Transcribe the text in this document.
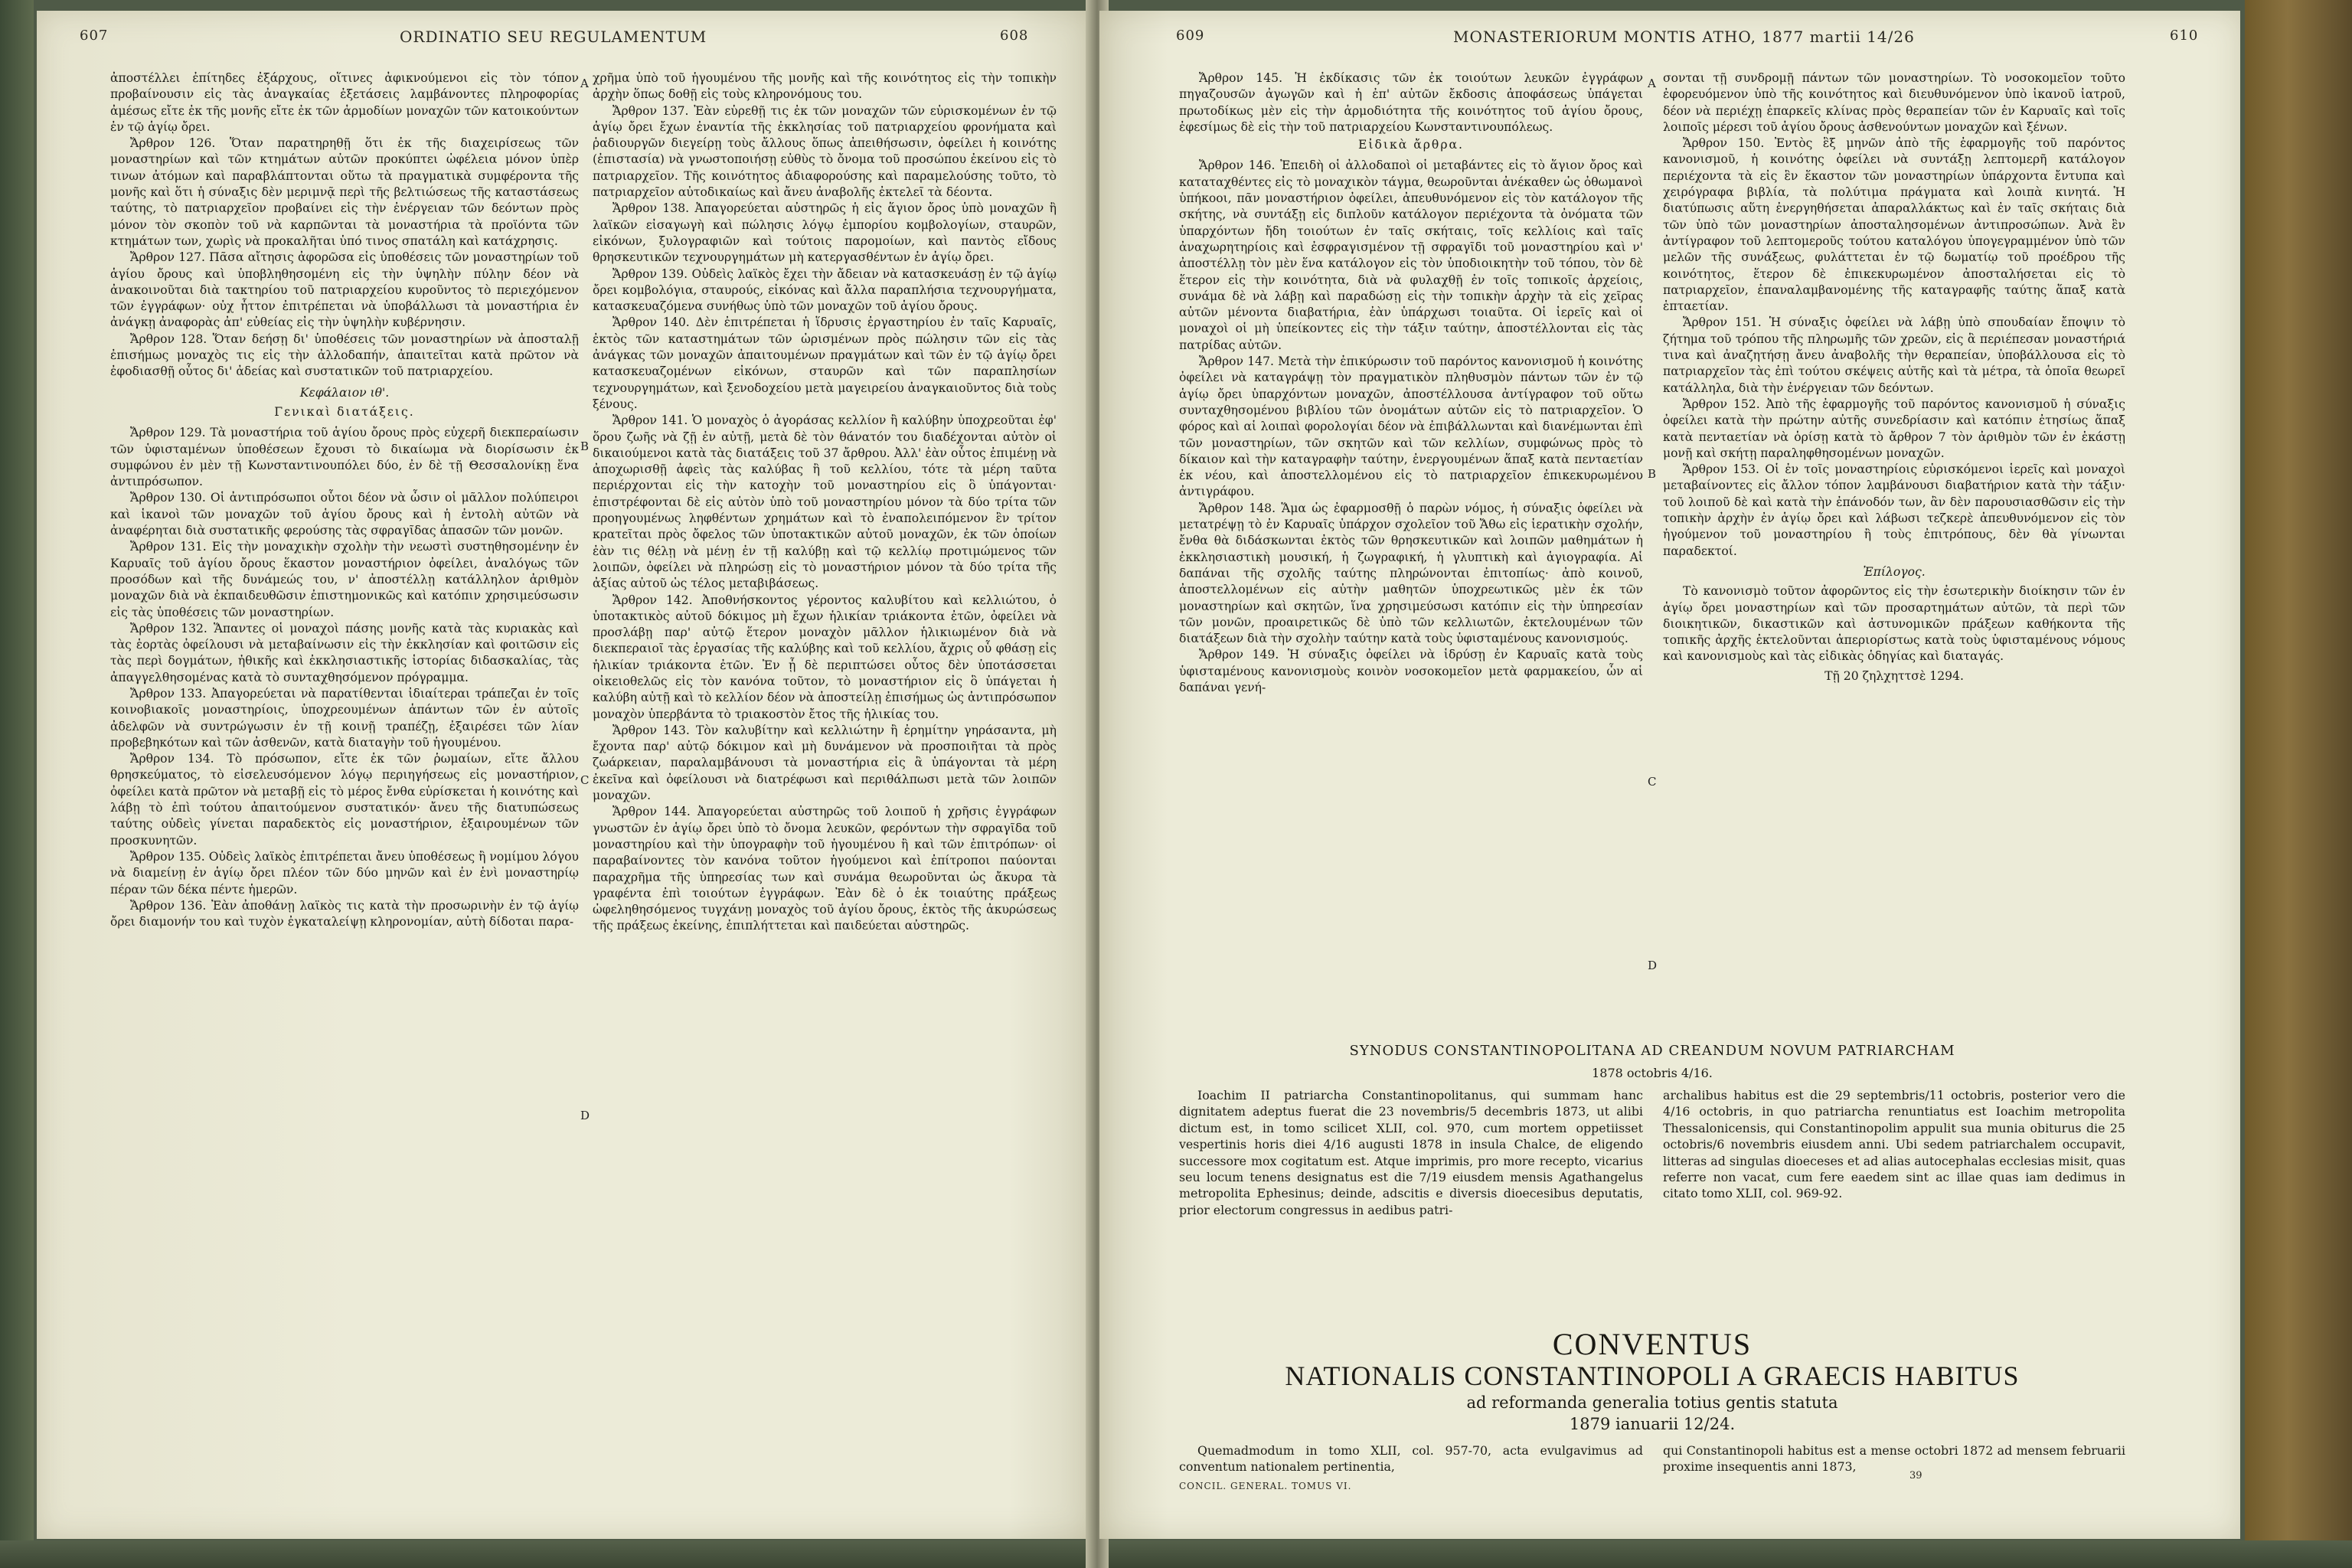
607	ORDINATIO SEU REGULAMENTUM	608

ἀποστέλλει ἐπίτηδες ἐξάρχους, οἵτινες ἀφικνούμενοι εἰς τὸν τόπον προβαίνουσιν εἰς τὰς ἀναγκαίας ἐξετάσεις λαμβάνοντες πληροφορίας ἀμέσως εἴτε ἐκ τῆς μονῆς εἴτε ἐκ τῶν ἁρμοδίων μοναχῶν τῶν κατοικούντων ἐν τῷ ἁγίῳ ὄρει.

Ἄρθρον 126. Ὅταν παρατηρηθῇ ὅτι ἐκ τῆς διαχειρίσεως τῶν μοναστηρίων καὶ τῶν κτημάτων αὐτῶν προκύπτει ὠφέλεια μόνον ὑπὲρ τινων ἀτόμων καὶ παραβλάπτονται οὕτω τὰ πραγματικὰ συμφέροντα τῆς μονῆς καὶ ὅτι ἡ σύναξις δὲν μεριμνᾷ περὶ τῆς βελτιώσεως τῆς καταστάσεως ταύτης, τὸ πατριαρχεῖον προβαίνει εἰς τὴν ἐνέργειαν τῶν δεόντων πρὸς μόνον τὸν σκοπὸν τοῦ νὰ καρπῶνται τὰ μοναστήρια τὰ προϊόντα τῶν κτημάτων των, χωρὶς νὰ προκαλῆται ὑπό τινος σπατάλη καὶ κατάχρησις.

Ἄρθρον 127. Πᾶσα αἴτησις ἀφορῶσα εἰς ὑποθέσεις τῶν μοναστηρίων τοῦ ἁγίου ὄρους καὶ ὑποβληθησομένη εἰς τὴν ὑψηλὴν πύλην δέον νὰ ἀνακοινοῦται διὰ τακτηρίου τοῦ πατριαρχείου κυροῦντος τὸ περιεχόμενον τῶν ἐγγράφων· οὐχ ἧττον ἐπιτρέπεται νὰ ὑποβάλλωσι τὰ μοναστήρια ἐν ἀνάγκῃ ἀναφορὰς ἀπ' εὐθείας εἰς τὴν ὑψηλὴν κυβέρνησιν.

Ἄρθρον 128. Ὅταν δεήσῃ δι' ὑποθέσεις τῶν μοναστηρίων νὰ ἀποσταλῇ ἐπισήμως μοναχὸς τις εἰς τὴν ἀλλοδαπήν, ἀπαιτεῖται κατὰ πρῶτον νὰ ἐφοδιασθῇ οὗτος δι' ἀδείας καὶ συστατικῶν τοῦ πατριαρχείου.

Κεφάλαιον ιθ'.

Γενικαὶ διατάξεις.

Ἄρθρον 129. Τὰ μοναστήρια τοῦ ἁγίου ὄρους πρὸς εὐχερῆ διεκπεραίωσιν τῶν ὑφισταμένων ὑποθέσεων ἔχουσι τὸ δικαίωμα νὰ διορίσωσιν ἐκ συμφώνου ἐν μὲν τῇ Κωνσταντινουπόλει δύο, ἐν δὲ τῇ Θεσσαλονίκῃ ἕνα ἀντιπρόσωπον.

Ἄρθρον 130. Οἱ ἀντιπρόσωποι οὗτοι δέον νὰ ὦσιν οἱ μᾶλλον πολύπειροι καὶ ἱκανοὶ τῶν μοναχῶν τοῦ ἁγίου ὄρους καὶ ἡ ἐντολὴ αὐτῶν νὰ ἀναφέρηται διὰ συστατικῆς φερούσης τὰς σφραγῖδας ἁπασῶν τῶν μονῶν.

Ἄρθρον 131. Εἰς τὴν μοναχικὴν σχολὴν τὴν νεωστὶ συστηθησομένην ἐν Καρυαῖς τοῦ ἁγίου ὄρους ἕκαστον μοναστήριον ὀφείλει, ἀναλόγως τῶν προσόδων καὶ τῆς δυνάμεώς του, ν' ἀποστέλλῃ κατάλληλον ἀριθμὸν μοναχῶν διὰ νὰ ἐκπαιδευθῶσιν ἐπιστημονικῶς καὶ κατόπιν χρησιμεύσωσιν εἰς τὰς ὑποθέσεις τῶν μοναστηρίων.

Ἄρθρον 132. Ἅπαντες οἱ μοναχοὶ πάσης μονῆς κατὰ τὰς κυριακὰς καὶ τὰς ἑορτὰς ὀφείλουσι νὰ μεταβαίνωσιν εἰς τὴν ἐκκλησίαν καὶ φοιτῶσιν εἰς τὰς περὶ δογμάτων, ἠθικῆς καὶ ἐκκλησιαστικῆς ἱστορίας διδασκαλίας, τὰς ἀπαγγελθησομένας κατὰ τὸ συνταχθησόμενον πρόγραμμα.

Ἄρθρον 133. Ἀπαγορεύεται νὰ παρατίθενται ἰδιαίτεραι τράπεζαι ἐν τοῖς κοινοβιακοῖς μοναστηρίοις, ὑποχρεουμένων ἁπάντων τῶν ἐν αὐτοῖς ἀδελφῶν νὰ συντρώγωσιν ἐν τῇ κοινῇ τραπέζῃ, ἐξαιρέσει τῶν λίαν προβεβηκότων καὶ τῶν ἀσθενῶν, κατὰ διαταγὴν τοῦ ἡγουμένου.

Ἄρθρον 134. Τὸ πρόσωπον, εἴτε ἐκ τῶν ῥωμαίων, εἴτε ἄλλου θρησκεύματος, τὸ εἰσελευσόμενον λόγῳ περιηγήσεως εἰς μοναστήριον, ὀφείλει κατὰ πρῶτον νὰ μεταβῇ εἰς τὸ μέρος ἔνθα εὑρίσκεται ἡ κοινότης καὶ λάβῃ τὸ ἐπὶ τούτου ἀπαιτούμενον συστατικόν· ἄνευ τῆς διατυπώσεως ταύτης οὐδεὶς γίνεται παραδεκτὸς εἰς μοναστήριον, ἐξαιρουμένων τῶν προσκυνητῶν.

Ἄρθρον 135. Οὐδεὶς λαϊκὸς ἐπιτρέπεται ἄνευ ὑποθέσεως ἢ νομίμου λόγου νὰ διαμείνῃ ἐν ἁγίῳ ὄρει πλέον τῶν δύο μηνῶν καὶ ἐν ἑνὶ μοναστηρίῳ πέραν τῶν δέκα πέντε ἡμερῶν.

Ἄρθρον 136. Ἐὰν ἀποθάνῃ λαϊκὸς τις κατὰ τὴν προσωρινὴν ἐν τῷ ἁγίῳ ὄρει διαμονήν του καὶ τυχὸν ἐγκαταλείψῃ κληρονομίαν, αὐτὴ δίδοται παρα-

A
B
C
D

χρῆμα ὑπὸ τοῦ ἡγουμένου τῆς μονῆς καὶ τῆς κοινότητος εἰς τὴν τοπικὴν ἀρχὴν ὅπως δοθῇ εἰς τοὺς κληρονόμους του.

Ἄρθρον 137. Ἐὰν εὑρεθῇ τις ἐκ τῶν μοναχῶν τῶν εὑρισκομένων ἐν τῷ ἁγίῳ ὄρει ἔχων ἐναντία τῆς ἐκκλησίας τοῦ πατριαρχείου φρονήματα καὶ ῥαδιουργῶν διεγείρῃ τοὺς ἄλλους ὅπως ἀπειθήσωσιν, ὀφείλει ἡ κοινότης (ἐπιστασία) νὰ γνωστοποιήσῃ εὐθὺς τὸ ὄνομα τοῦ προσώπου ἐκείνου εἰς τὸ πατριαρχεῖον. Τῆς κοινότητος ἀδιαφορούσης καὶ παραμελούσης τοῦτο, τὸ πατριαρχεῖον αὐτοδικαίως καὶ ἄνευ ἀναβολῆς ἐκτελεῖ τὰ δέοντα.

Ἄρθρον 138. Ἀπαγορεύεται αὐστηρῶς ἡ εἰς ἅγιον ὄρος ὑπὸ μοναχῶν ἢ λαϊκῶν εἰσαγωγὴ καὶ πώλησις λόγῳ ἐμπορίου κομβολογίων, σταυρῶν, εἰκόνων, ξυλογραφιῶν καὶ τούτοις παρομοίων, καὶ παντὸς εἴδους θρησκευτικῶν τεχνουργημάτων μὴ κατεργασθέντων ἐν ἁγίῳ ὄρει.

Ἄρθρον 139. Οὐδεὶς λαϊκὸς ἔχει τὴν ἄδειαν νὰ κατασκευάσῃ ἐν τῷ ἁγίῳ ὄρει κομβολόγια, σταυρούς, εἰκόνας καὶ ἄλλα παραπλήσια τεχνουργήματα, κατασκευαζόμενα συνήθως ὑπὸ τῶν μοναχῶν τοῦ ἁγίου ὄρους.

Ἄρθρον 140. Δὲν ἐπιτρέπεται ἡ ἵδρυσις ἐργαστηρίου ἐν ταῖς Καρυαῖς, ἐκτὸς τῶν καταστημάτων τῶν ὡρισμένων πρὸς πώλησιν τῶν εἰς τὰς ἀνάγκας τῶν μοναχῶν ἀπαιτουμένων πραγμάτων καὶ τῶν ἐν τῷ ἁγίῳ ὄρει κατασκευαζομένων εἰκόνων, σταυρῶν καὶ τῶν παραπλησίων τεχνουργημάτων, καὶ ξενοδοχείου μετὰ μαγειρείου ἀναγκαιοῦντος διὰ τοὺς ξένους.

Ἄρθρον 141. Ὁ μοναχὸς ὁ ἀγοράσας κελλίον ἢ καλύβην ὑποχρεοῦται ἐφ' ὅρου ζωῆς νὰ ζῇ ἐν αὐτῇ, μετὰ δὲ τὸν θάνατόν του διαδέχονται αὐτὸν οἱ δικαιούμενοι κατὰ τὰς διατάξεις τοῦ 37 ἄρθρου. Ἀλλ' ἐὰν οὗτος ἐπιμένῃ νὰ ἀποχωρισθῇ ἀφεὶς τὰς καλύβας ἢ τοῦ κελλίου, τότε τὰ μέρη ταῦτα περιέρχονται εἰς τὴν κατοχὴν τοῦ μοναστηρίου εἰς ὃ ὑπάγονται· ἐπιστρέφονται δὲ εἰς αὐτὸν ὑπὸ τοῦ μοναστηρίου μόνον τὰ δύο τρίτα τῶν προηγουμένως ληφθέντων χρημάτων καὶ τὸ ἐναπολειπόμενον ἓν τρίτον κρατεῖται πρὸς ὄφελος τῶν ὑποτακτικῶν αὐτοῦ μοναχῶν, ἐκ τῶν ὁποίων ἐὰν τις θέλῃ νὰ μένῃ ἐν τῇ καλύβῃ καὶ τῷ κελλίῳ προτιμώμενος τῶν λοιπῶν, ὀφείλει νὰ πληρώσῃ εἰς τὸ μοναστήριον μόνον τὰ δύο τρίτα τῆς ἀξίας αὐτοῦ ὡς τέλος μεταβιβάσεως.

Ἄρθρον 142. Ἀποθνήσκοντος γέροντος καλυβίτου καὶ κελλιώτου, ὁ ὑποτακτικὸς αὐτοῦ δόκιμος μὴ ἔχων ἡλικίαν τριάκοντα ἐτῶν, ὀφείλει νὰ προσλάβῃ παρ' αὐτῷ ἕτερον μοναχὸν μᾶλλον ἡλικιωμένον διὰ νὰ διεκπεραιοῖ τὰς ἐργασίας τῆς καλύβης καὶ τοῦ κελλίου, ἄχρις οὗ φθάσῃ εἰς ἡλικίαν τριάκοντα ἐτῶν. Ἐν ᾗ δὲ περιπτώσει οὗτος δὲν ὑποτάσσεται οἰκειοθελῶς εἰς τὸν κανόνα τοῦτον, τὸ μοναστήριον εἰς ὃ ὑπάγεται ἡ καλύβη αὐτῇ καὶ τὸ κελλίον δέον νὰ ἀποστείλῃ ἐπισήμως ὡς ἀντιπρόσωπον μοναχὸν ὑπερβάντα τὸ τριακοστὸν ἔτος τῆς ἡλικίας του.

Ἄρθρον 143. Τὸν καλυβίτην καὶ κελλιώτην ἢ ἐρημίτην γηράσαντα, μὴ ἔχοντα παρ' αὐτῷ δόκιμον καὶ μὴ δυνάμενον νὰ προσποιῆται τὰ πρὸς ζωάρκειαν, παραλαμβάνουσι τὰ μοναστήρια εἰς ἃ ὑπάγονται τὰ μέρη ἐκεῖνα καὶ ὀφείλουσι νὰ διατρέφωσι καὶ περιθάλπωσι μετὰ τῶν λοιπῶν μοναχῶν.

Ἄρθρον 144. Ἀπαγορεύεται αὐστηρῶς τοῦ λοιποῦ ἡ χρῆσις ἐγγράφων γνωστῶν ἐν ἁγίῳ ὄρει ὑπὸ τὸ ὄνομα λευκῶν, φερόντων τὴν σφραγῖδα τοῦ μοναστηρίου καὶ τὴν ὑπογραφὴν τοῦ ἡγουμένου ἢ καὶ τῶν ἐπιτρόπων· οἱ παραβαίνοντες τὸν κανόνα τοῦτον ἡγούμενοι καὶ ἐπίτροποι παύονται παραχρῆμα τῆς ὑπηρεσίας των καὶ συνάμα θεωροῦνται ὡς ἄκυρα τὰ γραφέντα ἐπὶ τοιούτων ἐγγράφων. Ἐὰν δὲ ὁ ἐκ τοιαύτης πράξεως ὠφεληθησόμενος τυγχάνῃ μοναχὸς τοῦ ἁγίου ὄρους, ἐκτὸς τῆς ἀκυρώσεως τῆς πράξεως ἐκείνης, ἐπιπλήττεται καὶ παιδεύεται αὐστηρῶς.

609	MONASTERIORUM MONTIS ATHO, 1877 martii 14/26	610

Ἄρθρον 145. Ἡ ἐκδίκασις τῶν ἐκ τοιούτων λευκῶν ἐγγράφων πηγαζουσῶν ἀγωγῶν καὶ ἡ ἐπ' αὐτῶν ἔκδοσις ἀποφάσεως ὑπάγεται πρωτοδίκως μὲν εἰς τὴν ἁρμοδιότητα τῆς κοινότητος τοῦ ἁγίου ὄρους, ἐφεσίμως δὲ εἰς τὴν τοῦ πατριαρχείου Κωνσταντινουπόλεως.

Εἰδικὰ ἄρθρα.

Ἄρθρον 146. Ἐπειδὴ οἱ ἀλλοδαποὶ οἱ μεταβάντες εἰς τὸ ἅγιον ὄρος καὶ καταταχθέντες εἰς τὸ μοναχικὸν τάγμα, θεωροῦνται ἀνέκαθεν ὡς ὀθωμανοὶ ὑπήκοοι, πᾶν μοναστήριον ὀφείλει, ἀπευθυνόμενον εἰς τὸν κατάλογον τῆς σκήτης, νὰ συντάξῃ εἰς διπλοῦν κατάλογον περιέχοντα τὰ ὀνόματα τῶν ὑπαρχόντων ἤδη τοιούτων ἐν ταῖς σκήταις, τοῖς κελλίοις καὶ ταῖς ἀναχωρητηρίοις καὶ ἐσφραγισμένον τῇ σφραγῖδι τοῦ μοναστηρίου καὶ ν' ἀποστέλλῃ τὸν μὲν ἕνα κατάλογον εἰς τὸν ὑποδιοικητὴν τοῦ τόπου, τὸν δὲ ἕτερον εἰς τὴν κοινότητα, διὰ νὰ φυλαχθῇ ἐν τοῖς τοπικοῖς ἀρχείοις, συνάμα δὲ νὰ λάβῃ καὶ παραδώσῃ εἰς τὴν τοπικὴν ἀρχὴν τὰ εἰς χεῖρας αὐτῶν μένοντα διαβατήρια, ἐὰν ὑπάρχωσι τοιαῦτα. Οἱ ἱερεῖς καὶ οἱ μοναχοὶ οἱ μὴ ὑπείκοντες εἰς τὴν τάξιν ταύτην, ἀποστέλλονται εἰς τὰς πατρίδας αὐτῶν.

Ἄρθρον 147. Μετὰ τὴν ἐπικύρωσιν τοῦ παρόντος κανονισμοῦ ἡ κοινότης ὀφείλει νὰ καταγράψῃ τὸν πραγματικὸν πληθυσμὸν πάντων τῶν ἐν τῷ ἁγίῳ ὄρει ὑπαρχόντων μοναχῶν, ἀποστέλλουσα ἀντίγραφον τοῦ οὕτω συνταχθησομένου βιβλίου τῶν ὀνομάτων αὐτῶν εἰς τὸ πατριαρχεῖον. Ὁ φόρος καὶ αἱ λοιπαὶ φορολογίαι δέον νὰ ἐπιβάλλωνται καὶ διανέμωνται ἐπὶ τῶν μοναστηρίων, τῶν σκητῶν καὶ τῶν κελλίων, συμφώνως πρὸς τὸ δίκαιον καὶ τὴν καταγραφὴν ταύτην, ἐνεργουμένων ἅπαξ κατὰ πενταετίαν ἐκ νέου, καὶ ἀποστελλομένου εἰς τὸ πατριαρχεῖον ἐπικεκυρωμένου ἀντιγράφου.

Ἄρθρον 148. Ἅμα ὡς ἐφαρμοσθῇ ὁ παρὼν νόμος, ἡ σύναξις ὀφείλει νὰ μετατρέψῃ τὸ ἐν Καρυαῖς ὑπάρχον σχολεῖον τοῦ Ἄθω εἰς ἱερατικὴν σχολήν, ἔνθα θὰ διδάσκωνται ἐκτὸς τῶν θρησκευτικῶν καὶ λοιπῶν μαθημάτων ἡ ἐκκλησιαστικὴ μουσική, ἡ ζωγραφική, ἡ γλυπτικὴ καὶ ἁγιογραφία. Αἱ δαπάναι τῆς σχολῆς ταύτης πληρώνονται ἐπιτοπίως· ἀπὸ κοινοῦ, ἀποστελλομένων εἰς αὐτὴν μαθητῶν ὑποχρεωτικῶς μὲν ἐκ τῶν μοναστηρίων καὶ σκητῶν, ἵνα χρησιμεύσωσι κατόπιν εἰς τὴν ὑπηρεσίαν τῶν μονῶν, προαιρετικῶς δὲ ὑπὸ τῶν κελλιωτῶν, ἐκτελουμένων τῶν διατάξεων διὰ τὴν σχολὴν ταύτην κατὰ τοὺς ὑφισταμένους κανονισμούς.

Ἄρθρον 149. Ἡ σύναξις ὀφείλει νὰ ἱδρύσῃ ἐν Καρυαῖς κατὰ τοὺς ὑφισταμένους κανονισμοὺς κοινὸν νοσοκομεῖον μετὰ φαρμακείου, ὧν αἱ δαπάναι γενή-

A
B
C
D

σονται τῇ συνδρομῇ πάντων τῶν μοναστηρίων. Τὸ νοσοκομεῖον τοῦτο ἐφορευόμενον ὑπὸ τῆς κοινότητος καὶ διευθυνόμενον ὑπὸ ἱκανοῦ ἰατροῦ, δέον νὰ περιέχῃ ἐπαρκεῖς κλίνας πρὸς θεραπείαν τῶν ἐν Καρυαῖς καὶ τοῖς λοιποῖς μέρεσι τοῦ ἁγίου ὄρους ἀσθενούντων μοναχῶν καὶ ξένων.

Ἄρθρον 150. Ἐντὸς ἓξ μηνῶν ἀπὸ τῆς ἐφαρμογῆς τοῦ παρόντος κανονισμοῦ, ἡ κοινότης ὀφείλει νὰ συντάξῃ λεπτομερῆ κατάλογον περιέχοντα τὰ εἰς ἓν ἕκαστον τῶν μοναστηρίων ὑπάρχοντα ἔντυπα καὶ χειρόγραφα βιβλία, τὰ πολύτιμα πράγματα καὶ λοιπὰ κινητά. Ἡ διατύπωσις αὕτη ἐνεργηθήσεται ἀπαραλλάκτως καὶ ἐν ταῖς σκήταις διὰ τῶν ὑπὸ τῶν μοναστηρίων ἀποσταλησομένων ἀντιπροσώπων. Ἀνὰ ἓν ἀντίγραφον τοῦ λεπτομεροῦς τούτου καταλόγου ὑπογεγραμμένον ὑπὸ τῶν μελῶν τῆς συνάξεως, φυλάττεται ἐν τῷ δωματίῳ τοῦ προέδρου τῆς κοινότητος, ἕτερον δὲ ἐπικεκυρωμένον ἀποσταλήσεται εἰς τὸ πατριαρχεῖον, ἐπαναλαμβανομένης τῆς καταγραφῆς ταύτης ἅπαξ κατὰ ἑπταετίαν.

Ἄρθρον 151. Ἡ σύναξις ὀφείλει νὰ λάβῃ ὑπὸ σπουδαίαν ἔποψιν τὸ ζήτημα τοῦ τρόπου τῆς πληρωμῆς τῶν χρεῶν, εἰς ἃ περιέπεσαν μοναστήριά τινα καὶ ἀναζητήσῃ ἄνευ ἀναβολῆς τὴν θεραπείαν, ὑποβάλλουσα εἰς τὸ πατριαρχεῖον τὰς ἐπὶ τούτου σκέψεις αὐτῆς καὶ τὰ μέτρα, τὰ ὁποῖα θεωρεῖ κατάλληλα, διὰ τὴν ἐνέργειαν τῶν δεόντων.

Ἄρθρον 152. Ἀπὸ τῆς ἐφαρμογῆς τοῦ παρόντος κανονισμοῦ ἡ σύναξις ὀφείλει κατὰ τὴν πρώτην αὐτῆς συνεδρίασιν καὶ κατόπιν ἐτησίως ἅπαξ κατὰ πενταετίαν νὰ ὁρίσῃ κατὰ τὸ ἄρθρον 7 τὸν ἀριθμὸν τῶν ἐν ἑκάστῃ μονῇ καὶ σκήτῃ παραληφθησομένων μοναχῶν.

Ἄρθρον 153. Οἱ ἐν τοῖς μοναστηρίοις εὑρισκόμενοι ἱερεῖς καὶ μοναχοὶ μεταβαίνοντες εἰς ἄλλον τόπον λαμβάνουσι διαβατήριον κατὰ τὴν τάξιν· τοῦ λοιποῦ δὲ καὶ κατὰ τὴν ἐπάνοδόν των, ἂν δὲν παρουσιασθῶσιν εἰς τὴν τοπικὴν ἀρχὴν ἐν ἁγίῳ ὄρει καὶ λάβωσι τεζκερὲ ἀπευθυνόμενον εἰς τὸν ἡγούμενον τοῦ μοναστηρίου ἢ τοὺς ἐπιτρόπους, δὲν θὰ γίνωνται παραδεκτοί.

Ἐπίλογος.

Τὸ κανονισμὸ τοῦτον ἀφορῶντος εἰς τὴν ἐσωτερικὴν διοίκησιν τῶν ἐν ἁγίῳ ὄρει μοναστηρίων καὶ τῶν προσαρτημάτων αὐτῶν, τὰ περὶ τῶν διοικητικῶν, δικαστικῶν καὶ ἀστυνομικῶν πράξεων καθήκοντα τῆς τοπικῆς ἀρχῆς ἐκτελοῦνται ἀπεριορίστως κατὰ τοὺς ὑφισταμένους νόμους καὶ κανονισμοὺς καὶ τὰς εἰδικὰς ὁδηγίας καὶ διαταγάς.

Τῇ 20 ζηλχηττσὲ 1294.

SYNODUS CONSTANTINOPOLITANA AD CREANDUM NOVUM PATRIARCHAM
1878 octobris 4/16.

Ioachim II patriarcha Constantinopolitanus, qui summam hanc dignitatem adeptus fuerat die 23 novembris/5 decembris 1873, ut alibi dictum est, in tomo scilicet XLII, col. 970, cum mortem oppetiisset vespertinis horis diei 4/16 augusti 1878 in insula Chalce, de eligendo successore mox cogitatum est. Atque imprimis, pro more recepto, vicarius seu locum tenens designatus est die 7/19 eiusdem mensis Agathangelus metropolita Ephesinus; deinde, adscitis e diversis dioecesibus deputatis, prior electorum congressus in aedibus patri-

archalibus habitus est die 29 septembris/11 octobris, posterior vero die 4/16 octobris, in quo patriarcha renuntiatus est Ioachim metropolita Thessalonicensis, qui Constantinopolim appulit sua munia obiturus die 25 octobris/6 novembris eiusdem anni. Ubi sedem patriarchalem occupavit, litteras ad singulas dioeceses et ad alias autocephalas ecclesias misit, quas referre non vacat, cum fere eaedem sint ac illae quas iam dedimus in citato tomo XLII, col. 969-92.

CONVENTUS
NATIONALIS CONSTANTINOPOLI A GRAECIS HABITUS
ad reformanda generalia totius gentis statuta
1879 ianuarii 12/24.

Quemadmodum in tomo XLII, col. 957-70, acta evulgavimus ad conventum nationalem pertinentia,

qui Constantinopoli habitus est a mense octobri 1872 ad mensem februarii proxime insequentis anni 1873,

CONCIL. GENERAL. TOMUS VI.
39
